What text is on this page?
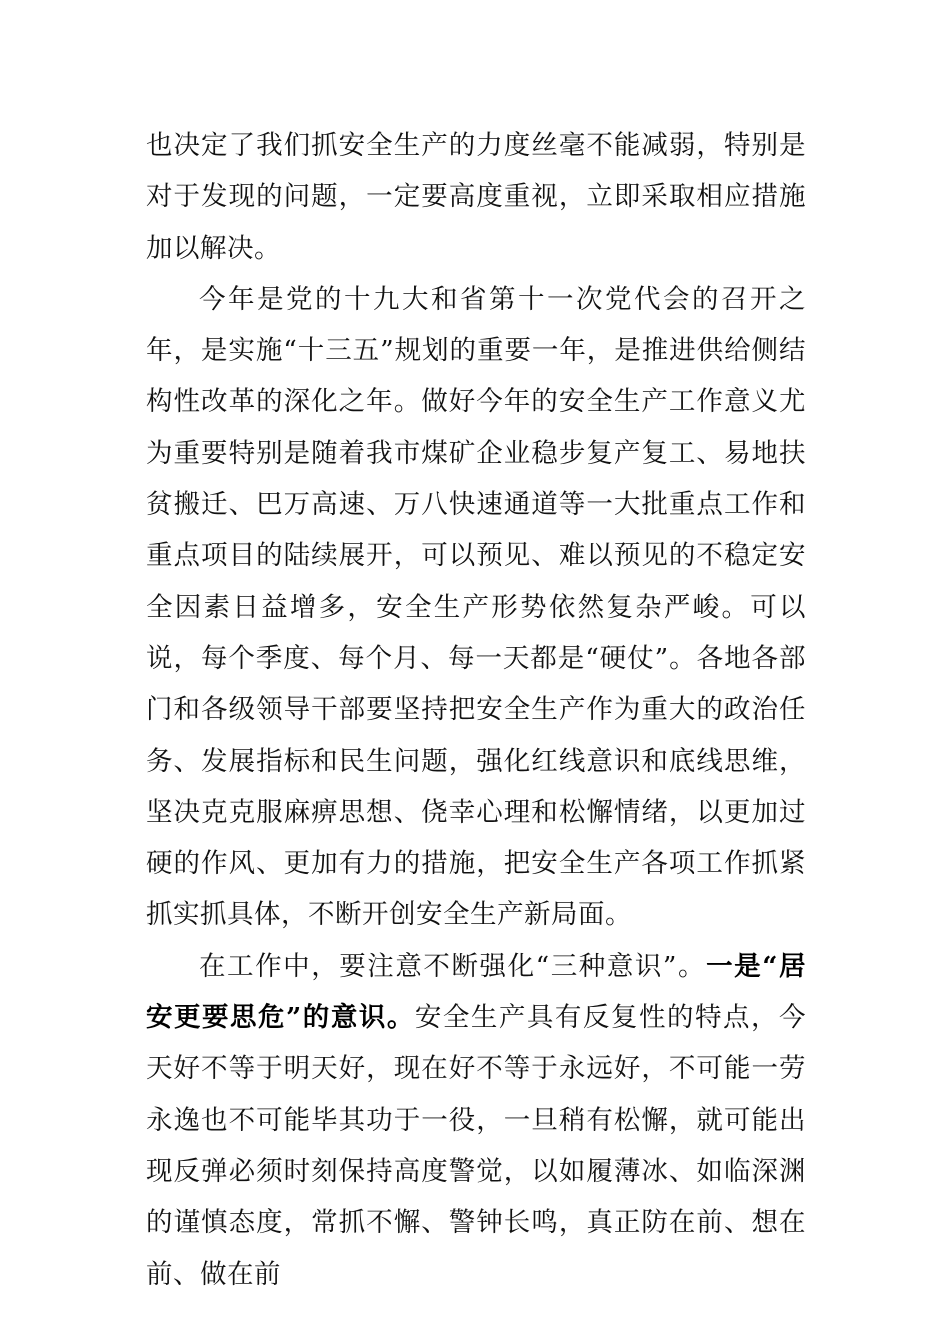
也决定了我们抓安全生产的力度丝毫不能减弱，特别是对于发现的问题，一定要高度重视，立即采取相应措施加以解决。

今年是党的十九大和省第十一次党代会的召开之年，是实施“十三五”规划的重要一年，是推进供给侧结构性改革的深化之年。做好今年的安全生产工作意义尤为重要特别是随着我市煤矿企业稳步复产复工、易地扶贫搬迁、巴万高速、万八快速通道等一大批重点工作和重点项目的陆续展开，可以预见、难以预见的不稳定安全因素日益增多，安全生产形势依然复杂严峻。可以说，每个季度、每个月、每一天都是“硬仗”。各地各部门和各级领导干部要坚持把安全生产作为重大的政治任务、发展指标和民生问题，强化红线意识和底线思维，坚决克克服麻痹思想、侥幸心理和松懈情绪，以更加过硬的作风、更加有力的措施，把安全生产各项工作抓紧抓实抓具体，不断开创安全生产新局面。

在工作中，要注意不断强化“三种意识”。一是“居安更要思危”的意识。安全生产具有反复性的特点，今天好不等于明天好，现在好不等于永远好，不可能一劳永逸也不可能毕其功于一役，一旦稍有松懈，就可能出现反弹必须时刻保持高度警觉，以如履薄冰、如临深渊的谨慎态度，常抓不懈、警钟长鸣，真正防在前、想在前、做在前
